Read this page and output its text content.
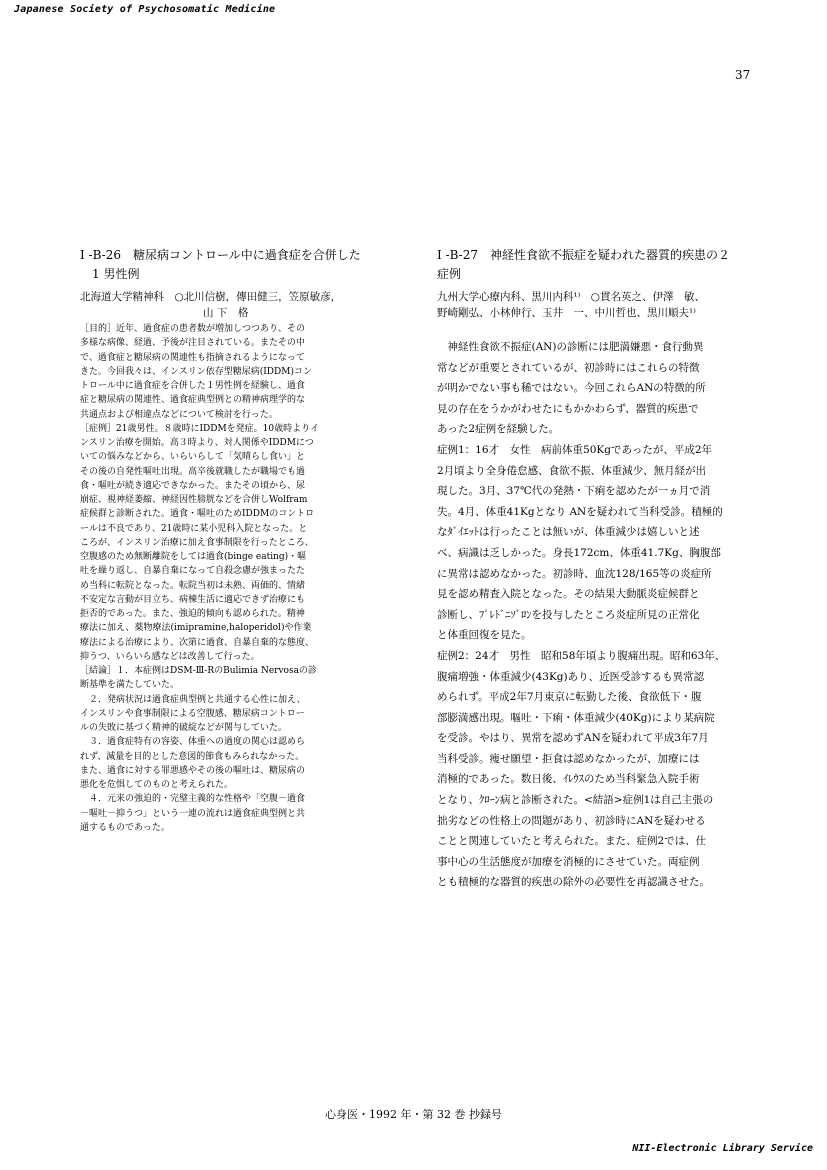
Japanese Society of Psychosomatic Medicine
37
I -B-26　糖尿病コントロール中に過食症を合併した
　1 男性例
北海道大学精神科　○北川信樹，傳田健三，笠原敏彦，
山 下　格

［目的］近年、過食症の患者数が増加しつつあり、その

多様な病像、経過、予後が注目されている。またその中

で、過食症と糖尿病の関連性も指摘されるようになって

きた。今回我々は、インスリン依存型糖尿病(IDDM)コン

トロール中に過食症を合併した１男性例を経験し、過食

症と糖尿病の関連性、過食症典型例との精神病理学的な

共通点および相違点などについて検討を行った。

［症例］21歳男性。８歳時にIDDMを発症。10歳時よりイ

ンスリン治療を開始。高３時より、対人関係やIDDMにつ

いての悩みなどから、いらいらして「気晴らし食い」と

その後の自発性嘔吐出現。高卒後就職したが職場でも過

食・嘔吐が続き適応できなかった。またその頃から、尿

崩症、視神経萎縮、神経因性膀胱などを合併しWolfram

症候群と診断された。過食・嘔吐のためIDDMのコントロ

ールは不良であり、21歳時に某小児科入院となった。と

ころが、インスリン治療に加え食事制限を行ったところ、

空腹感のため無断離院をしては過食(binge eating)・嘔

吐を繰り返し、自暴自棄になって自殺念慮が強まったた

め当科に転院となった。転院当初は未熟、両価的、情緒

不安定な言動が目立ち、病棟生活に適応できず治療にも

拒否的であった。また、強迫的傾向も認められた。精神

療法に加え、薬物療法(imipramine,haloperidol)や作業

療法による治療により、次第に過食、自暴自棄的な態度、

抑うつ、いらいら感などは改善して行った。

［結論］１．本症例はDSM-Ⅲ-RのBulimia Nervosaの診

断基準を満たしていた。

　２．発病状況は過食症典型例と共通する心性に加え、

インスリンや食事制限による空腹感、糖尿病コントロー

ルの失敗に基づく精神的破綻などが関与していた。

　３．過食症特有の容姿、体重への過度の関心は認めら

れず、減量を目的とした意図的節食もみられなかった。

また、過食に対する罪悪感やその後の嘔吐は、糖尿病の

悪化を危惧してのものと考えられた。

　４．元来の強迫的・完璧主義的な性格や「空腹－過食

－嘔吐－抑うつ」という一連の流れは過食症典型例と共

通するものであった。

I -B-27　神経性食欲不振症を疑われた器質的疾患の２
症例
九州大学心療内科、黒川内科¹⁾　○貫名英之、伊澤　敏、
野崎剛弘、小林伸行、玉井　一、中川哲也、黒川順夫¹⁾

　神経性食欲不振症(AN)の診断には肥満嫌悪・食行動異

常などが重要とされているが、初診時にはこれらの特徴

が明かでない事も稀ではない。今回これらANの特徴的所

見の存在をうかがわせたにもかかわらず、器質的疾患で

あった2症例を経験した。

症例1：16才　女性　病前体重50Kgであったが、平成2年

2月頃より全身倦怠感、食欲不振、体重減少、無月経が出

現した。3月、37℃代の発熱・下痢を認めたが一ヵ月で消

失。4月、体重41Kgとなり ANを疑われて当科受診。積極的

なﾀﾞｲｴｯﾄは行ったことは無いが、体重減少は嬉しいと述

べ、病識は乏しかった。身長172cm、体重41.7Kg、胸腹部

に異常は認めなかった。初診時、血沈128/165等の炎症所

見を認め精査入院となった。その結果大動脈炎症候群と

診断し、ﾌﾟﾚﾄﾞﾆｿﾞﾛﾝを投与したところ炎症所見の正常化

と体重回復を見た。

症例2：24才　男性　昭和58年頃より腹痛出現。昭和63年、

腹痛増強・体重減少(43Kg)あり、近医受診するも異常認

められず。平成2年7月東京に転勤した後、食欲低下・腹

部膨満感出現。嘔吐・下痢・体重減少(40Kg)により某病院

を受診。やはり、異常を認めずANを疑われて平成3年7月

当科受診。痩せ願望・拒食は認めなかったが、加療には

消極的であった。数日後、ｲﾚｳｽのため当科緊急入院手術

となり、ｸﾛｰﾝ病と診断された。<結語>症例1は自己主張の

拙劣などの性格上の問題があり、初診時にANを疑わせる

ことと関連していたと考えられた。また、症例2では、仕

事中心の生活態度が加療を消極的にさせていた。両症例

とも積極的な器質的疾患の除外の必要性を再認識させた。

心身医・1992 年・第 32 巻 抄録号
NII-Electronic Library Service
